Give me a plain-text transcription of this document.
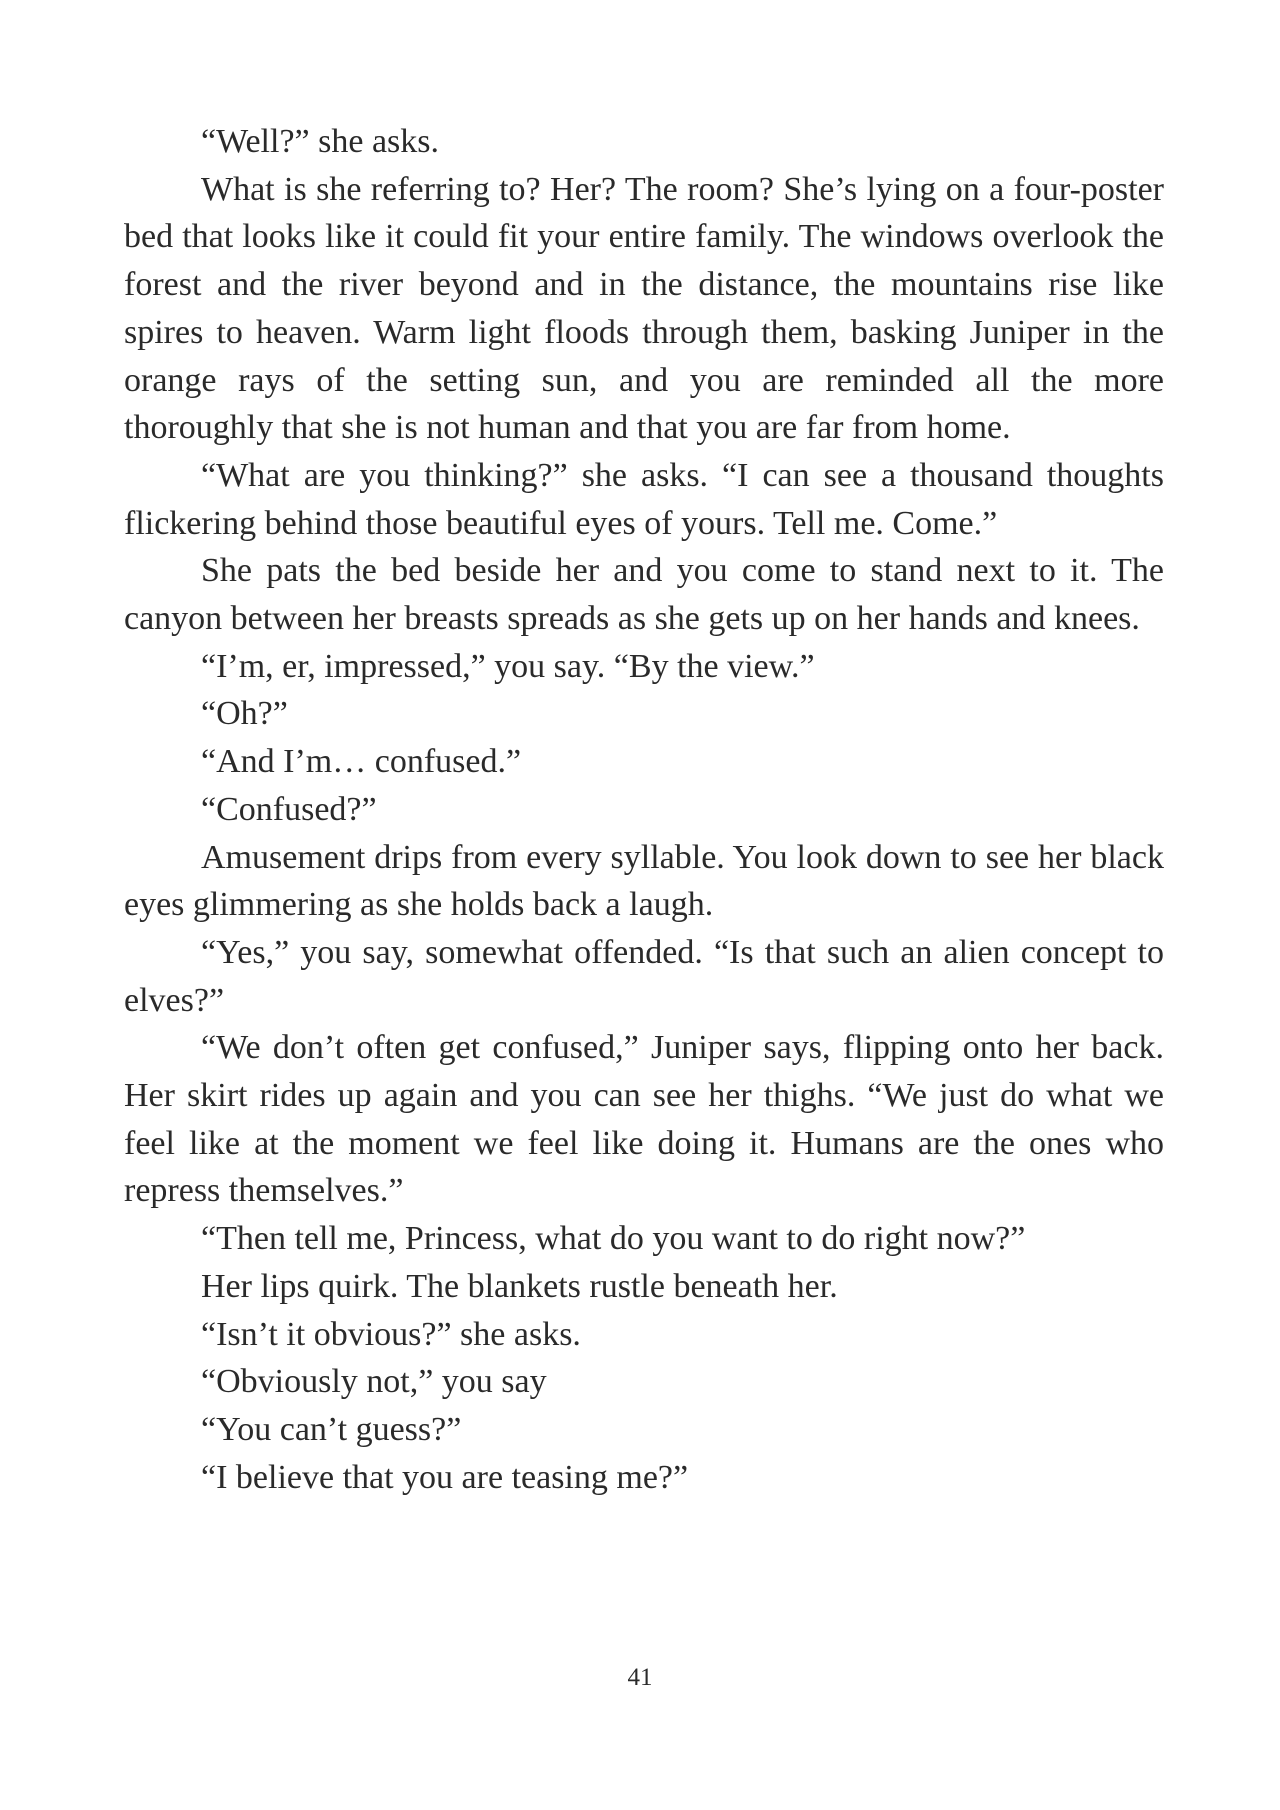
“Well?” she asks.

What is she referring to? Her? The room? She’s lying on a four-poster bed that looks like it could fit your entire family. The windows overlook the forest and the river beyond and in the distance, the mountains rise like spires to heaven. Warm light floods through them, basking Juniper in the orange rays of the setting sun, and you are reminded all the more thoroughly that she is not human and that you are far from home.

“What are you thinking?” she asks. “I can see a thousand thoughts flickering behind those beautiful eyes of yours. Tell me. Come.”

She pats the bed beside her and you come to stand next to it. The canyon between her breasts spreads as she gets up on her hands and knees.

“I’m, er, impressed,” you say. “By the view.”

“Oh?”

“And I’m… confused.”

“Confused?”

Amusement drips from every syllable. You look down to see her black eyes glimmering as she holds back a laugh.

“Yes,” you say, somewhat offended. “Is that such an alien concept to elves?”

“We don’t often get confused,” Juniper says, flipping onto her back. Her skirt rides up again and you can see her thighs. “We just do what we feel like at the moment we feel like doing it. Humans are the ones who repress themselves.”

“Then tell me, Princess, what do you want to do right now?”

Her lips quirk. The blankets rustle beneath her.

“Isn’t it obvious?” she asks.

“Obviously not,” you say

“You can’t guess?”

“I believe that you are teasing me?”

41
